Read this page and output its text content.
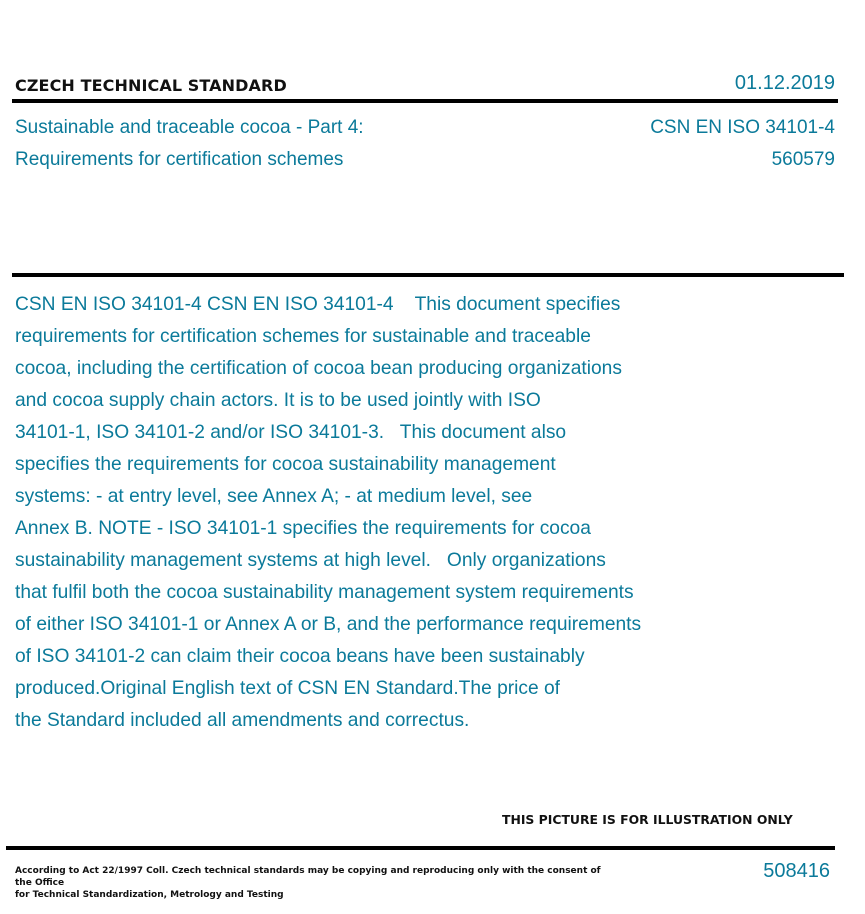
CZECH TECHNICAL STANDARD	01.12.2019
Sustainable and traceable cocoa - Part 4:
Requirements for certification schemes
CSN EN ISO 34101-4
560579
CSN EN ISO 34101-4 CSN EN ISO 34101-4    This document specifies
requirements for certification schemes for sustainable and traceable
cocoa, including the certification of cocoa bean producing organizations
and cocoa supply chain actors. It is to be used jointly with ISO
34101-1, ISO 34101-2 and/or ISO 34101-3.   This document also
specifies the requirements for cocoa sustainability management
systems: - at entry level, see Annex A; - at medium level, see
Annex B. NOTE - ISO 34101-1 specifies the requirements for cocoa
sustainability management systems at high level.   Only organizations
that fulfil both the cocoa sustainability management system requirements
of either ISO 34101-1 or Annex A or B, and the performance requirements
of ISO 34101-2 can claim their cocoa beans have been sustainably
produced.Original English text of CSN EN Standard.The price of
the Standard included all amendments and correctus.
THIS PICTURE IS FOR ILLUSTRATION ONLY
According to Act 22/1997 Coll. Czech technical standards may be copying and reproducing only with the consent of the Office
for Technical Standardization, Metrology and Testing
508416
